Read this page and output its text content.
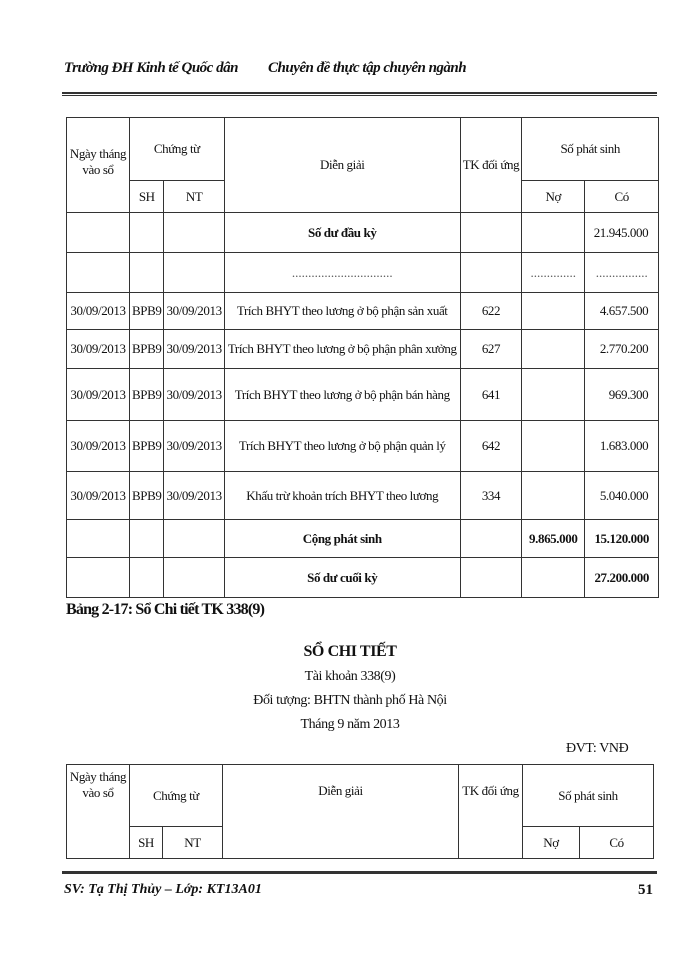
Trường ĐH Kinh tế Quốc dân Chuyên đề thực tập chuyên ngành
Ngày tháng vào sổ	Chứng từ		Diễn giải	TK đối ứng	Số phát sinh	
	SH	NT			Nợ	Có
			Số dư đầu kỳ			21.945.000
			...............................		..............	................
30/09/2013	BPB9	30/09/2013	Trích BHYT theo lương ở bộ phận sản xuất	622		4.657.500
30/09/2013	BPB9	30/09/2013	Trích BHYT theo lương ở bộ phận phân xưởng	627		2.770.200
30/09/2013	BPB9	30/09/2013	Trích BHYT theo lương ở bộ phận bán hàng	641		969.300
30/09/2013	BPB9	30/09/2013	Trích BHYT theo lương ở bộ phận quản lý	642		1.683.000
30/09/2013	BPB9	30/09/2013	Khấu trừ khoản trích BHYT theo lương	334		5.040.000
			Cộng phát sinh		9.865.000	15.120.000
			Số dư cuối kỳ			27.200.000
Bảng 2-17: Sổ Chi tiết TK 338(9)
SỔ CHI TIẾT
Tài khoản 338(9)
Đối tượng: BHTN thành phố Hà Nội
Tháng 9 năm 2013
ĐVT: VNĐ
Ngày tháng vào sổ	Chứng từ		Diễn giải	TK đối ứng	Số phát sinh	
	SH	NT			Nợ	Có
SV: Tạ Thị Thủy – Lớp: KT13A01	51
